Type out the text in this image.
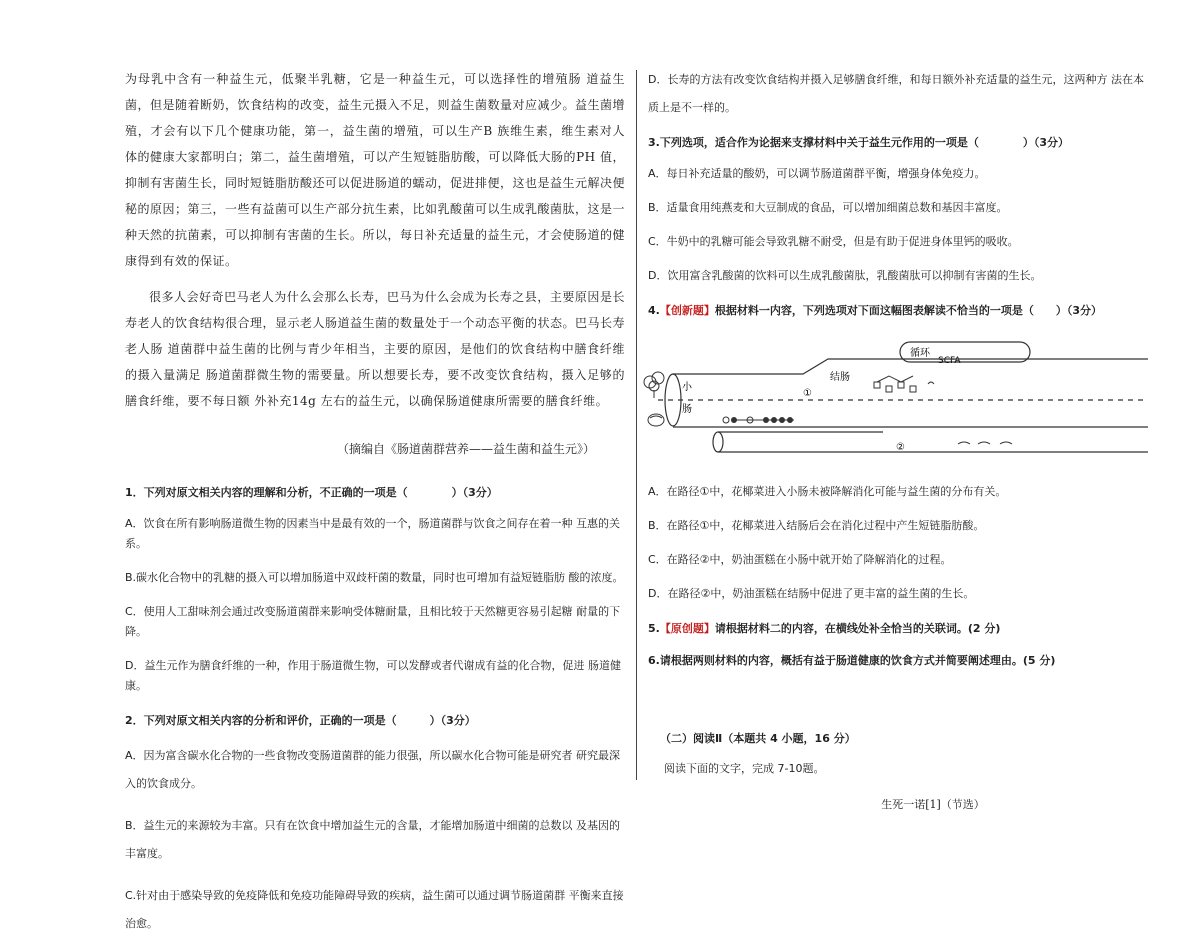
为母乳中含有一种益生元，低聚半乳糖，它是一种益生元，可以选择性的增殖肠 道益生菌，但是随着断奶，饮食结构的改变，益生元摄入不足，则益生菌数量对应减少。益生菌增殖，才会有以下几个健康功能，第一，益生菌的增殖，可以生产B 族维生素，维生素对人体的健康大家都明白；第二，益生菌增殖，可以产生短链脂肪酸，可以降低大肠的PH 值，抑制有害菌生长，同时短链脂肪酸还可以促进肠道的蠕动，促进排便，这也是益生元解决便秘的原因；第三，一些有益菌可以生产部分抗生素，比如乳酸菌可以生成乳酸菌肽，这是一种天然的抗菌素，可以抑制有害菌的生长。所以，每日补充适量的益生元，才会使肠道的健康得到有效的保证。

很多人会好奇巴马老人为什么会那么长寿，巴马为什么会成为长寿之县，主要原因是长寿老人的饮食结构很合理，显示老人肠道益生菌的数量处于一个动态平衡的状态。巴马长寿老人肠 道菌群中益生菌的比例与青少年相当，主要的原因，是他们的饮食结构中膳食纤维的摄入量满足 肠道菌群微生物的需要量。所以想要长寿，要不改变饮食结构，摄入足够的膳食纤维，要不每日额 外补充14g 左右的益生元，以确保肠道健康所需要的膳食纤维。

（摘编自《肠道菌群营养——益生菌和益生元》）

1．下列对原文相关内容的理解和分析，不正确的一项是（　　　　）（3分）
A．饮食在所有影响肠道微生物的因素当中是最有效的一个，肠道菌群与饮食之间存在着一种 互惠的关系。
B.碳水化合物中的乳糖的摄入可以增加肠道中双歧杆菌的数量，同时也可增加有益短链脂肪 酸的浓度。
C．使用人工甜味剂会通过改变肠道菌群来影响受体糖耐量，且相比较于天然糖更容易引起糖 耐量的下降。
D．益生元作为膳食纤维的一种，作用于肠道微生物，可以发酵或者代谢成有益的化合物，促进 肠道健康。
2．下列对原文相关内容的分析和评价，正确的一项是（　　　）（3分）
A．因为富含碳水化合物的一些食物改变肠道菌群的能力很强，所以碳水化合物可能是研究者 研究最深入的饮食成分。
B．益生元的来源较为丰富。只有在饮食中增加益生元的含量，才能增加肠道中细菌的总数以 及基因的丰富度。
C.针对由于感染导致的免疫降低和免疫功能障碍导致的疾病，益生菌可以通过调节肠道菌群 平衡来直接治愈。
D．长寿的方法有改变饮食结构并摄入足够膳食纤维，和每日额外补充适量的益生元，这两种方 法在本质上是不一样的。
3.下列选项，适合作为论据来支撑材料中关于益生元作用的一项是（　　　　）（3分）
A．每日补充适量的酸奶，可以调节肠道菌群平衡，增强身体免疫力。
B．适量食用纯燕麦和大豆制成的食品，可以增加细菌总数和基因丰富度。
C．牛奶中的乳糖可能会导致乳糖不耐受，但是有助于促进身体里钙的吸收。
D．饮用富含乳酸菌的饮料可以生成乳酸菌肽，乳酸菌肽可以抑制有害菌的生长。
4.【创新题】根据材料一内容，下列选项对下面这幅图表解读不恰当的一项是（　　）（3分）
循环
SCFA
结肠
小
肠
①
②
A．在路径①中，花椰菜进入小肠未被降解消化可能与益生菌的分布有关。
B．在路径①中，花椰菜进入结肠后会在消化过程中产生短链脂肪酸。
C．在路径②中，奶油蛋糕在小肠中就开始了降解消化的过程。
D．在路径②中，奶油蛋糕在结肠中促进了更丰富的益生菌的生长。
5.【原创题】请根据材料二的内容，在横线处补全恰当的关联词。(2 分)
6.请根据两则材料的内容，概括有益于肠道健康的饮食方式并简要阐述理由。(5 分)
（二）阅读Ⅱ（本题共 4 小题，16 分）
阅读下面的文字，完成 7-10题。
生死一诺[1]（节选）
